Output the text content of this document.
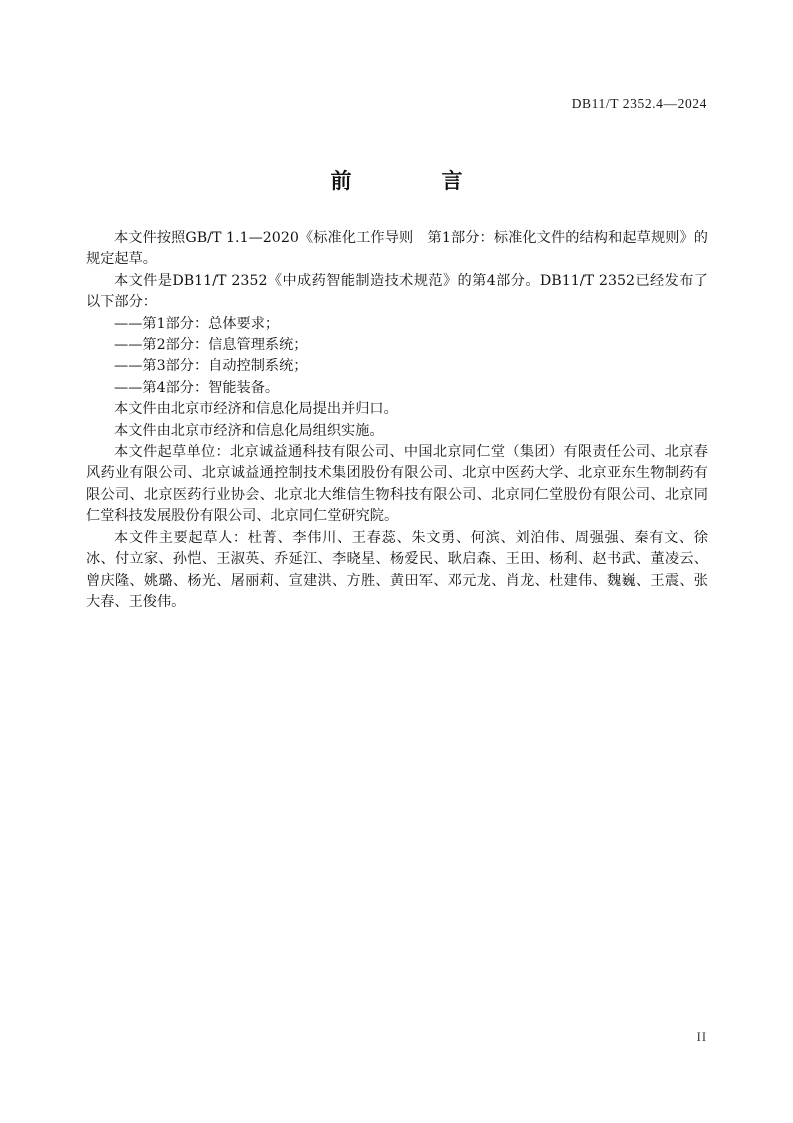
DB11/T 2352.4—2024
前　　言

本文件按照GB/T 1.1—2020《标准化工作导则　第1部分：标准化文件的结构和起草规则》的规定起草。

本文件是DB11/T 2352《中成药智能制造技术规范》的第4部分。DB11/T 2352已经发布了以下部分：

——第1部分：总体要求；

——第2部分：信息管理系统；

——第3部分：自动控制系统；

——第4部分：智能装备。

本文件由北京市经济和信息化局提出并归口。

本文件由北京市经济和信息化局组织实施。

本文件起草单位：北京诚益通科技有限公司、中国北京同仁堂（集团）有限责任公司、北京春风药业有限公司、北京诚益通控制技术集团股份有限公司、北京中医药大学、北京亚东生物制药有限公司、北京医药行业协会、北京北大维信生物科技有限公司、北京同仁堂股份有限公司、北京同仁堂科技发展股份有限公司、北京同仁堂研究院。

本文件主要起草人：杜菁、李伟川、王春蕊、朱文勇、何滨、刘泊伟、周强强、秦有文、徐冰、付立家、孙恺、王淑英、乔延江、李晓星、杨爱民、耿启森、王田、杨利、赵书武、董凌云、曾庆隆、姚璐、杨光、屠丽莉、宣建洪、方胜、黄田军、邓元龙、肖龙、杜建伟、魏巍、王震、张大春、王俊伟。

II
